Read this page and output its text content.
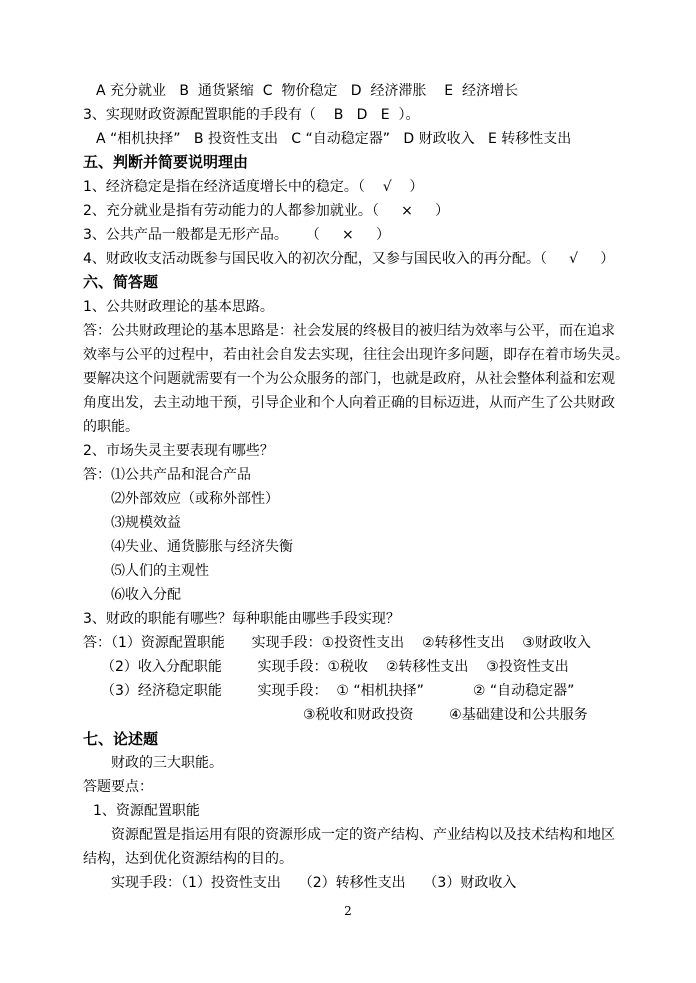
A 充分就业   B  通货紧缩  C  物价稳定   D  经济滞胀    E  经济增长
3、实现财政资源配置职能的手段有（    B   D   E  ）。
A “相机抉择”   B 投资性支出   C “自动稳定器”   D 财政收入   E 转移性支出
五、判断并简要说明理由
1、经济稳定是指在经济适度增长中的稳定。（    √    ）
2、充分就业是指有劳动能力的人都参加就业。（     ×     ）
3、公共产品一般都是无形产品。    （     ×     ）
4、财政收支活动既参与国民收入的初次分配，又参与国民收入的再分配。（     √     ）
六、简答题
1、公共财政理论的基本思路。
答：公共财政理论的基本思路是：社会发展的终极目的被归结为效率与公平，而在追求
效率与公平的过程中，若由社会自发去实现，往往会出现许多问题，即存在着市场失灵。
要解决这个问题就需要有一个为公众服务的部门，也就是政府，从社会整体利益和宏观
角度出发，去主动地干预，引导企业和个人向着正确的目标迈进，从而产生了公共财政
的职能。
2、市场失灵主要表现有哪些？
答：⑴公共产品和混合产品
⑵外部效应（或称外部性）
⑶规模效益
⑷失业、通货膨胀与经济失衡
⑸人们的主观性
⑹收入分配
3、财政的职能有哪些？每种职能由哪些手段实现？
答：（1）资源配置职能      实现手段：①投资性支出    ②转移性支出    ③财政收入
（2）收入分配职能        实现手段：①税收    ②转移性支出    ③投资性支出
（3）经济稳定职能        实现手段：  ① “相机抉择”           ② “自动稳定器”
③税收和财政投资        ④基础建设和公共服务
七、论述题
财政的三大职能。
答题要点：
1、资源配置职能
资源配置是指运用有限的资源形成一定的资产结构、产业结构以及技术结构和地区
结构，达到优化资源结构的目的。
实现手段：（1）投资性支出    （2）转移性支出    （3）财政收入
2
